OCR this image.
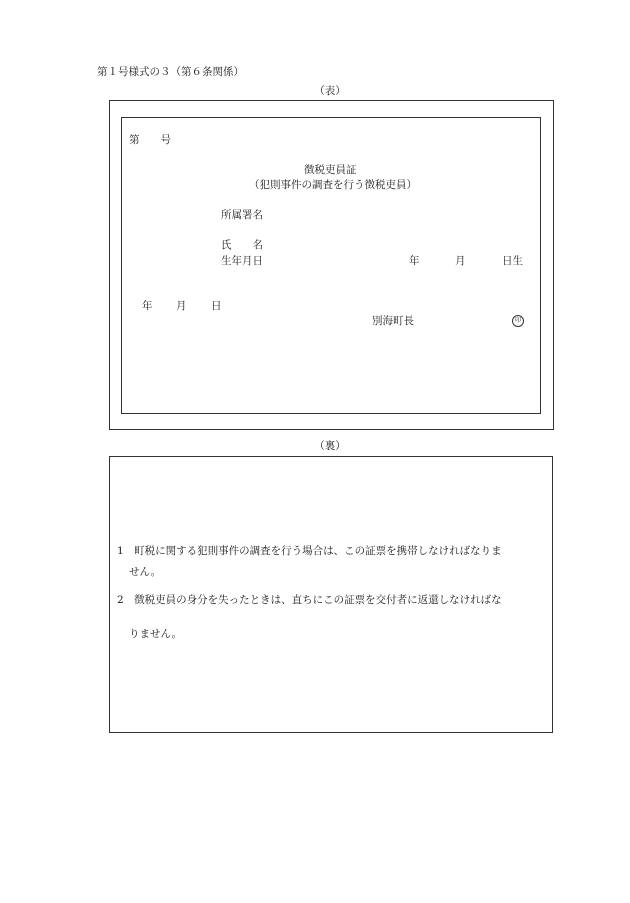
第１号様式の３（第６条関係）
（表）
第　　号
徴税吏員証
（犯則事件の調査を行う徴税吏員）
所属署名
氏　　名
生年月日	年	月	日生
年 月 日
別海町長	印
（裏）
1　町税に関する犯則事件の調査を行う場合は、この証票を携帯しなければなりま
せん。
2　徴税吏員の身分を失ったときは、直ちにこの証票を交付者に返還しなければな
りません。
